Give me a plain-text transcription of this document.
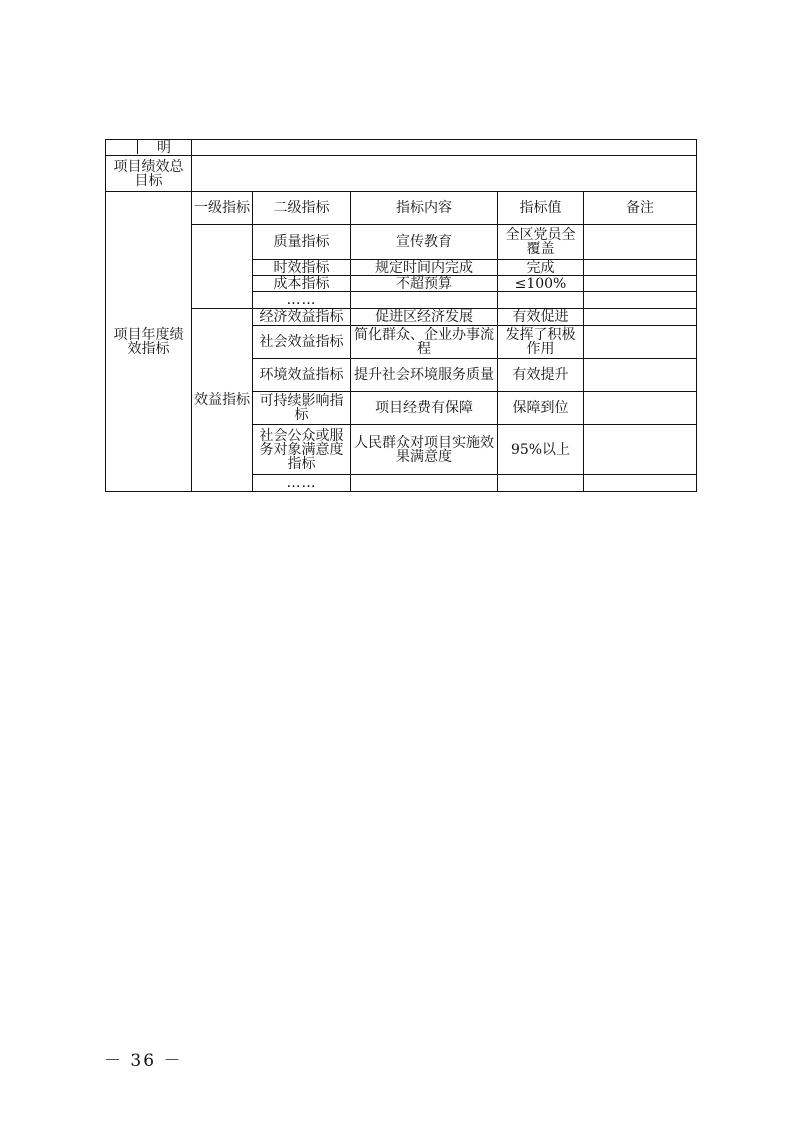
明					
项目绩效总目标					
项目年度绩效指标	一级指标	二级指标	指标内容	指标值	备注
		质量指标	宣传教育	全区党员全覆盖	
		时效指标	规定时间内完成	完成	
		成本指标	不超预算	≤100%	
		……			
	效益指标	经济效益指标	促进区经济发展	有效促进	
		社会效益指标	简化群众、企业办事流程	发挥了积极作用	
		环境效益指标	提升社会环境服务质量	有效提升	
		可持续影响指标	项目经费有保障	保障到位	
		社会公众或服务对象满意度指标	人民群众对项目实施效果满意度	95%以上	
		……			
－ 36 －
